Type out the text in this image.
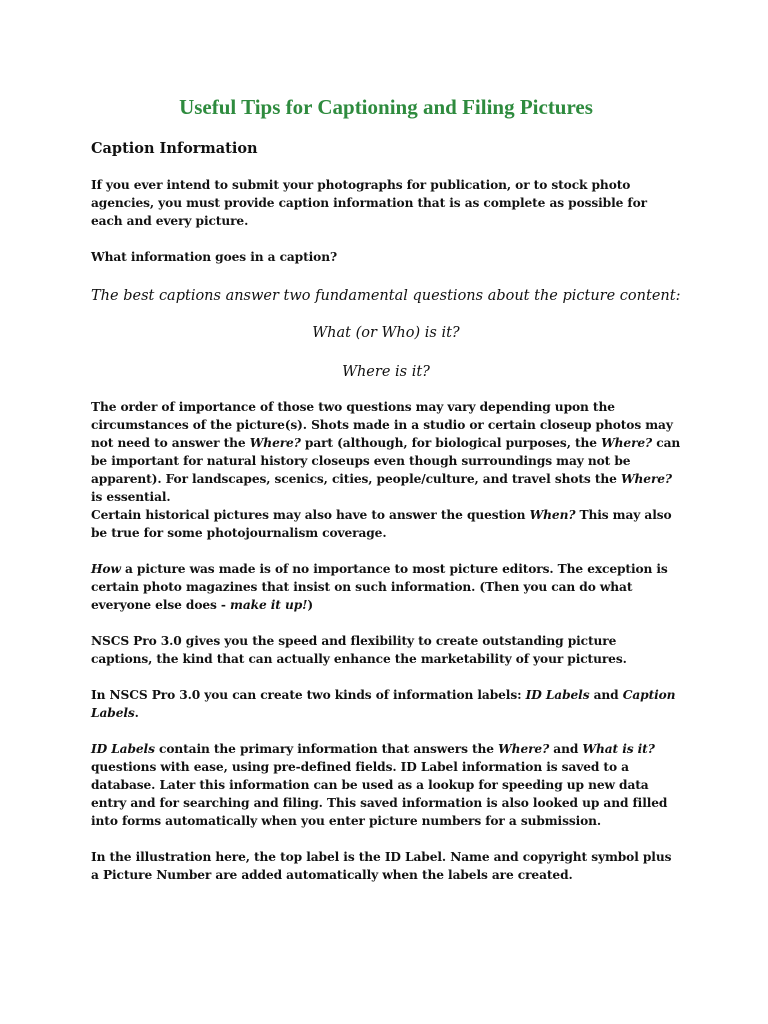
Useful Tips for Captioning and Filing Pictures
Caption Information

If you ever intend to submit your photographs for publication, or to stock photo agencies, you must provide caption information that is as complete as possible for each and every picture.

What information goes in a caption?

The best captions answer two fundamental questions about the picture content:

What (or Who) is it?

Where is it?

The order of importance of those two questions may vary depending upon the circumstances of the picture(s). Shots made in a studio or certain closeup photos may not need to answer the Where? part (although, for biological purposes, the Where? can be important for natural history closeups even though surroundings may not be apparent). For landscapes, scenics, cities, people/culture, and travel shots the Where? is essential.

Certain historical pictures may also have to answer the question When? This may also be true for some photojournalism coverage.

How a picture was made is of no importance to most picture editors. The exception is certain photo magazines that insist on such information. (Then you can do what everyone else does - make it up!)

NSCS Pro 3.0 gives you the speed and flexibility to create outstanding picture captions, the kind that can actually enhance the marketability of your pictures.

In NSCS Pro 3.0 you can create two kinds of information labels: ID Labels and Caption Labels.

ID Labels contain the primary information that answers the Where? and What is it? questions with ease, using pre-defined fields. ID Label information is saved to a database. Later this information can be used as a lookup for speeding up new data entry and for searching and filing. This saved information is also looked up and filled into forms automatically when you enter picture numbers for a submission.

In the illustration here, the top label is the ID Label. Name and copyright symbol plus a Picture Number are added automatically when the labels are created.
